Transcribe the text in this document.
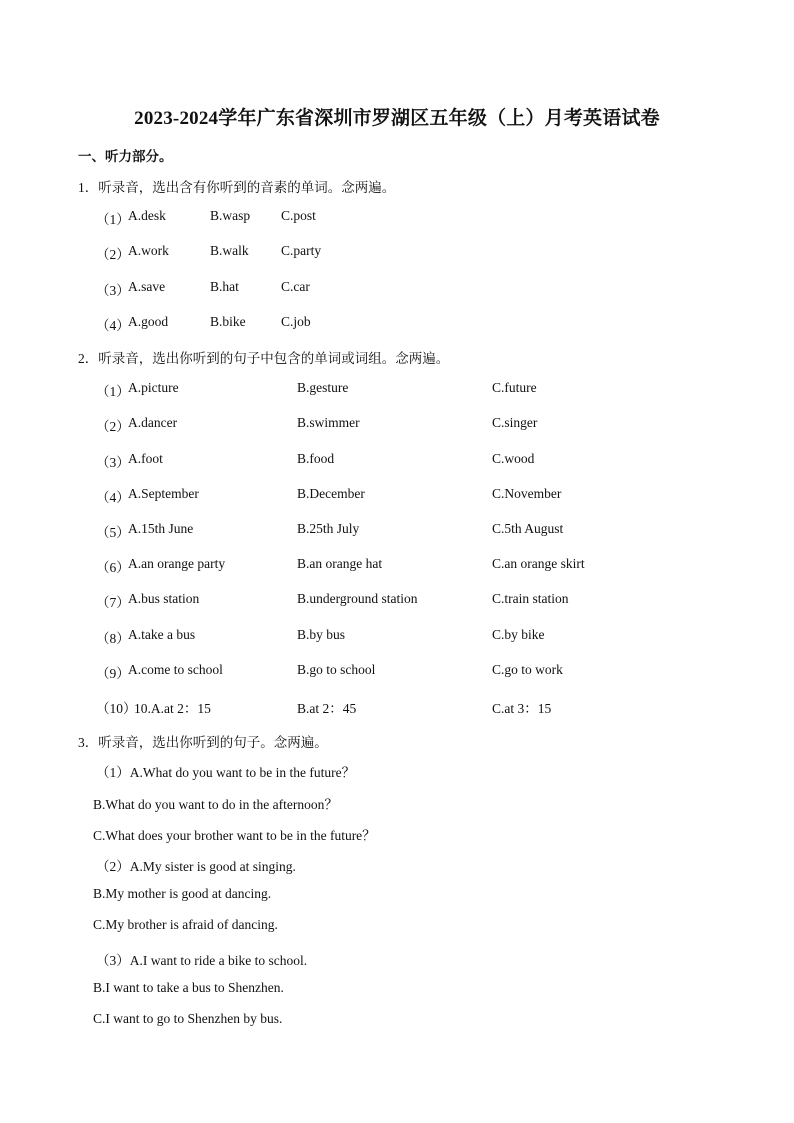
2023-2024学年广东省深圳市罗湖区五年级（上）月考英语试卷

一、听力部分。

1．听录音，选出含有你听到的音素的单词。念两遍。
（1）
A.desk	B.wasp C.post
（2）
A.work	B.walk C.party
（3）
A.save	B.hat	C.car
（4）
A.good	B.bike	C.job
2．听录音，选出你听到的句子中包含的单词或词组。念两遍。
（1）
A.picture	B.gesture	C.future
（2）
A.dancer	B.swimmer	C.singer
（3）
A.foot	B.food	C.wood
（4）
A.September	B.December	C.November
（5）
A.15th June	B.25th July	C.5th August
（6）
A.an orange party	B.an orange hat	C.an orange skirt
（7）
A.bus station	B.underground station	C.train station
（8）
A.take a bus	B.by bus	C.by bike
（9）
A.come to school	B.go to school	C.go to work
（10）
10.A.at 2：15	B.at 2：45	C.at 3：15
3．听录音，选出你听到的句子。念两遍。
（1）A.What do you want to be in the future？
B.What do you want to do in the afternoon？
C.What does your brother want to be in the future？
（2）A.My sister is good at singing.
B.My mother is good at dancing.
C.My brother is afraid of dancing.
（3）A.I want to ride a bike to school.
B.I want to take a bus to Shenzhen.
C.I want to go to Shenzhen by bus.
